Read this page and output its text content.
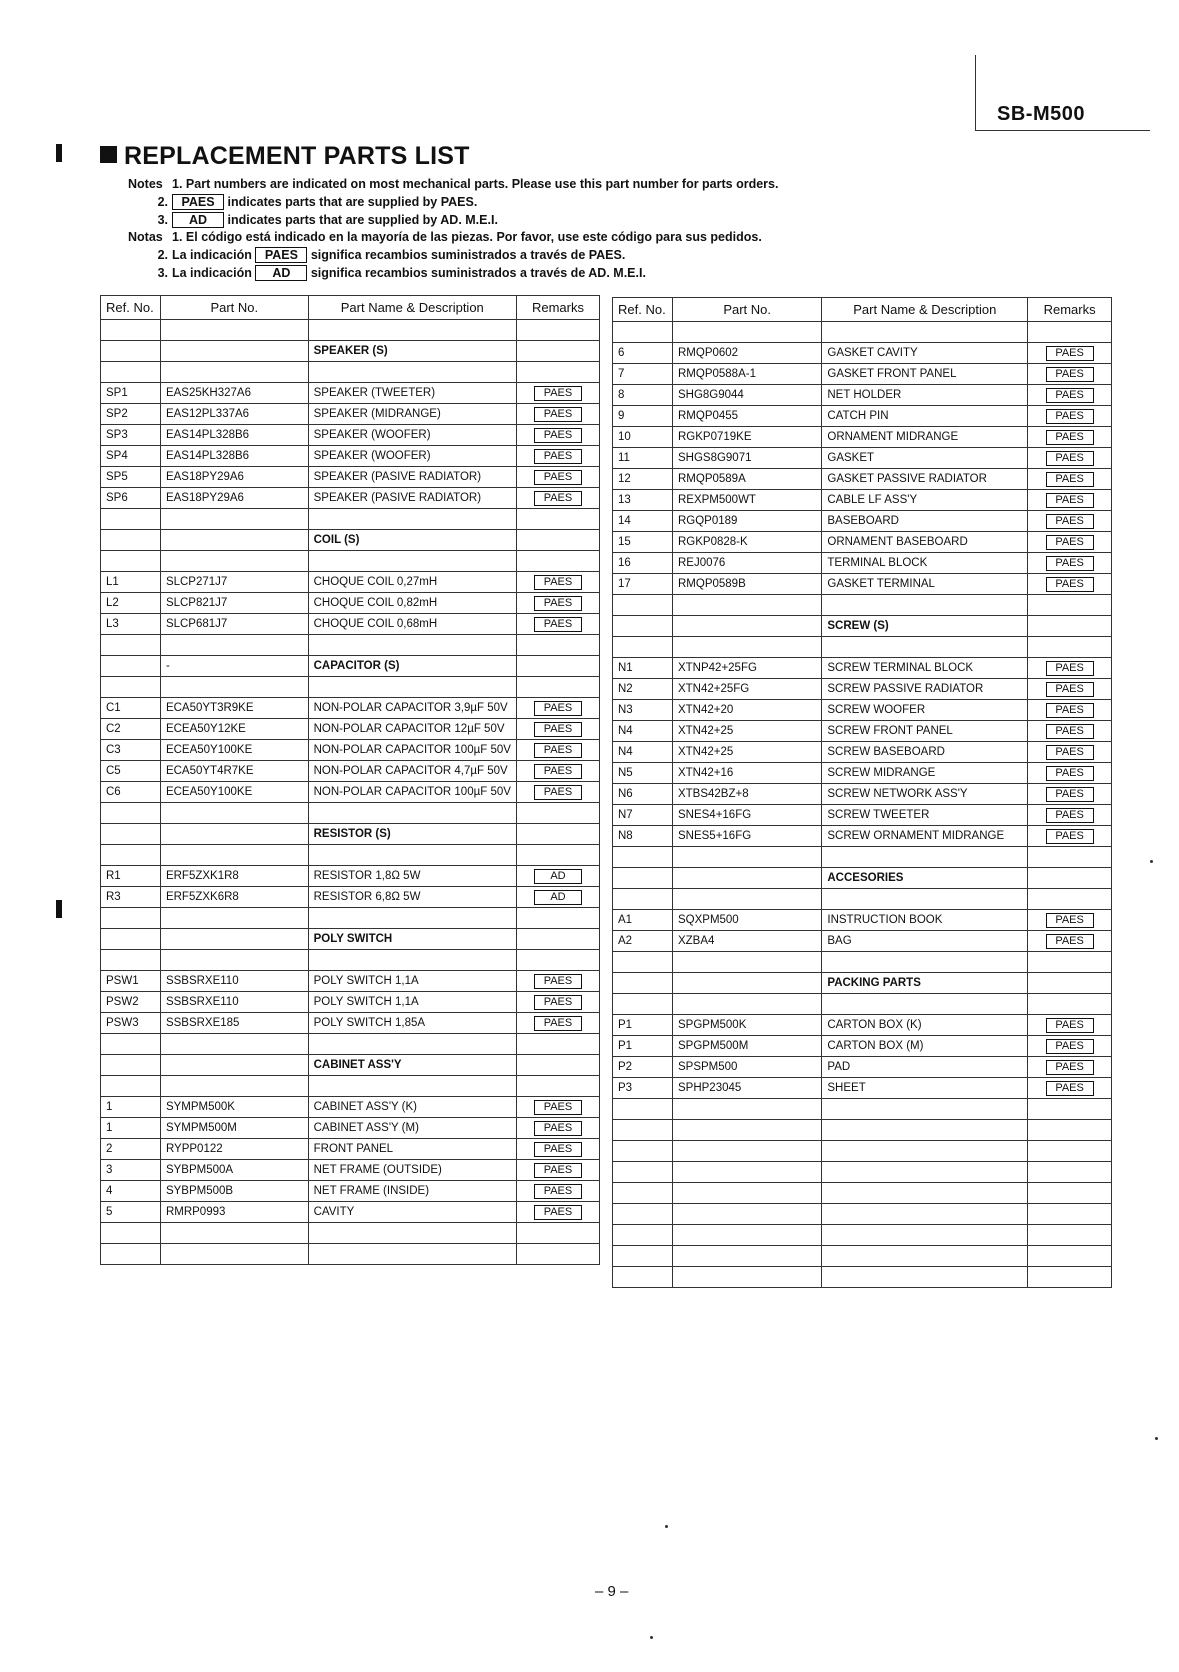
SB-M500
REPLACEMENT PARTS LIST
Notes 1. Part numbers are indicated on most mechanical parts. Please use this part number for parts orders.
2. PAES indicates parts that are supplied by PAES.
3. AD indicates parts that are supplied by AD. M.E.I.
Notas 1. El código está indicado en la mayoría de las piezas. Por favor, use este código para sus pedidos.
2. La indicación PAES significa recambios suministrados a través de PAES.
3. La indicación AD significa recambios suministrados a través de AD. M.E.I.
Ref. No.	Part No.	Part Name & Description	Remarks

		SPEAKER (S)	

SP1	EAS25KH327A6	SPEAKER (TWEETER)	PAES
SP2	EAS12PL337A6	SPEAKER (MIDRANGE)	PAES
SP3	EAS14PL328B6	SPEAKER (WOOFER)	PAES
SP4	EAS14PL328B6	SPEAKER (WOOFER)	PAES
SP5	EAS18PY29A6	SPEAKER (PASIVE RADIATOR)	PAES
SP6	EAS18PY29A6	SPEAKER (PASIVE RADIATOR)	PAES

		COIL (S)	

L1	SLCP271J7	CHOQUE COIL 0,27mH	PAES
L2	SLCP821J7	CHOQUE COIL 0,82mH	PAES
L3	SLCP681J7	CHOQUE COIL 0,68mH	PAES

	-	CAPACITOR (S)	

C1	ECA50YT3R9KE	NON-POLAR CAPACITOR 3,9µF 50V	PAES
C2	ECEA50Y12KE	NON-POLAR CAPACITOR 12µF 50V	PAES
C3	ECEA50Y100KE	NON-POLAR CAPACITOR 100µF 50V	PAES
C5	ECA50YT4R7KE	NON-POLAR CAPACITOR 4,7µF 50V	PAES
C6	ECEA50Y100KE	NON-POLAR CAPACITOR 100µF 50V	PAES

		RESISTOR (S)	

R1	ERF5ZXK1R8	RESISTOR 1,8Ω 5W	AD
R3	ERF5ZXK6R8	RESISTOR 6,8Ω 5W	AD

		POLY SWITCH	

PSW1	SSBSRXE110	POLY SWITCH 1,1A	PAES
PSW2	SSBSRXE110	POLY SWITCH 1,1A	PAES
PSW3	SSBSRXE185	POLY SWITCH 1,85A	PAES

		CABINET ASS'Y	

1	SYMPM500K	CABINET ASS'Y (K)	PAES
1	SYMPM500M	CABINET ASS'Y (M)	PAES
2	RYPP0122	FRONT PANEL	PAES
3	SYBPM500A	NET FRAME (OUTSIDE)	PAES
4	SYBPM500B	NET FRAME (INSIDE)	PAES
5	RMRP0993	CAVITY	PAES

Ref. No.	Part No.	Part Name & Description	Remarks

6	RMQP0602	GASKET CAVITY	PAES
7	RMQP0588A-1	GASKET FRONT PANEL	PAES
8	SHG8G9044	NET HOLDER	PAES
9	RMQP0455	CATCH PIN	PAES
10	RGKP0719KE	ORNAMENT MIDRANGE	PAES
11	SHGS8G9071	GASKET	PAES
12	RMQP0589A	GASKET PASSIVE RADIATOR	PAES
13	REXPM500WT	CABLE LF ASS'Y	PAES
14	RGQP0189	BASEBOARD	PAES
15	RGKP0828-K	ORNAMENT BASEBOARD	PAES
16	REJ0076	TERMINAL BLOCK	PAES
17	RMQP0589B	GASKET TERMINAL	PAES

		SCREW (S)	

N1	XTNP42+25FG	SCREW TERMINAL BLOCK	PAES
N2	XTN42+25FG	SCREW PASSIVE RADIATOR	PAES
N3	XTN42+20	SCREW WOOFER	PAES
N4	XTN42+25	SCREW FRONT PANEL	PAES
N4	XTN42+25	SCREW BASEBOARD	PAES
N5	XTN42+16	SCREW MIDRANGE	PAES
N6	XTBS42BZ+8	SCREW NETWORK ASS'Y	PAES
N7	SNES4+16FG	SCREW TWEETER	PAES
N8	SNES5+16FG	SCREW ORNAMENT MIDRANGE	PAES

		ACCESORIES	

A1	SQXPM500	INSTRUCTION BOOK	PAES
A2	XZBA4	BAG	PAES

		PACKING PARTS	

P1	SPGPM500K	CARTON BOX (K)	PAES
P1	SPGPM500M	CARTON BOX (M)	PAES
P2	SPSPM500	PAD	PAES
P3	SPHP23045	SHEET	PAES

– 9 –
